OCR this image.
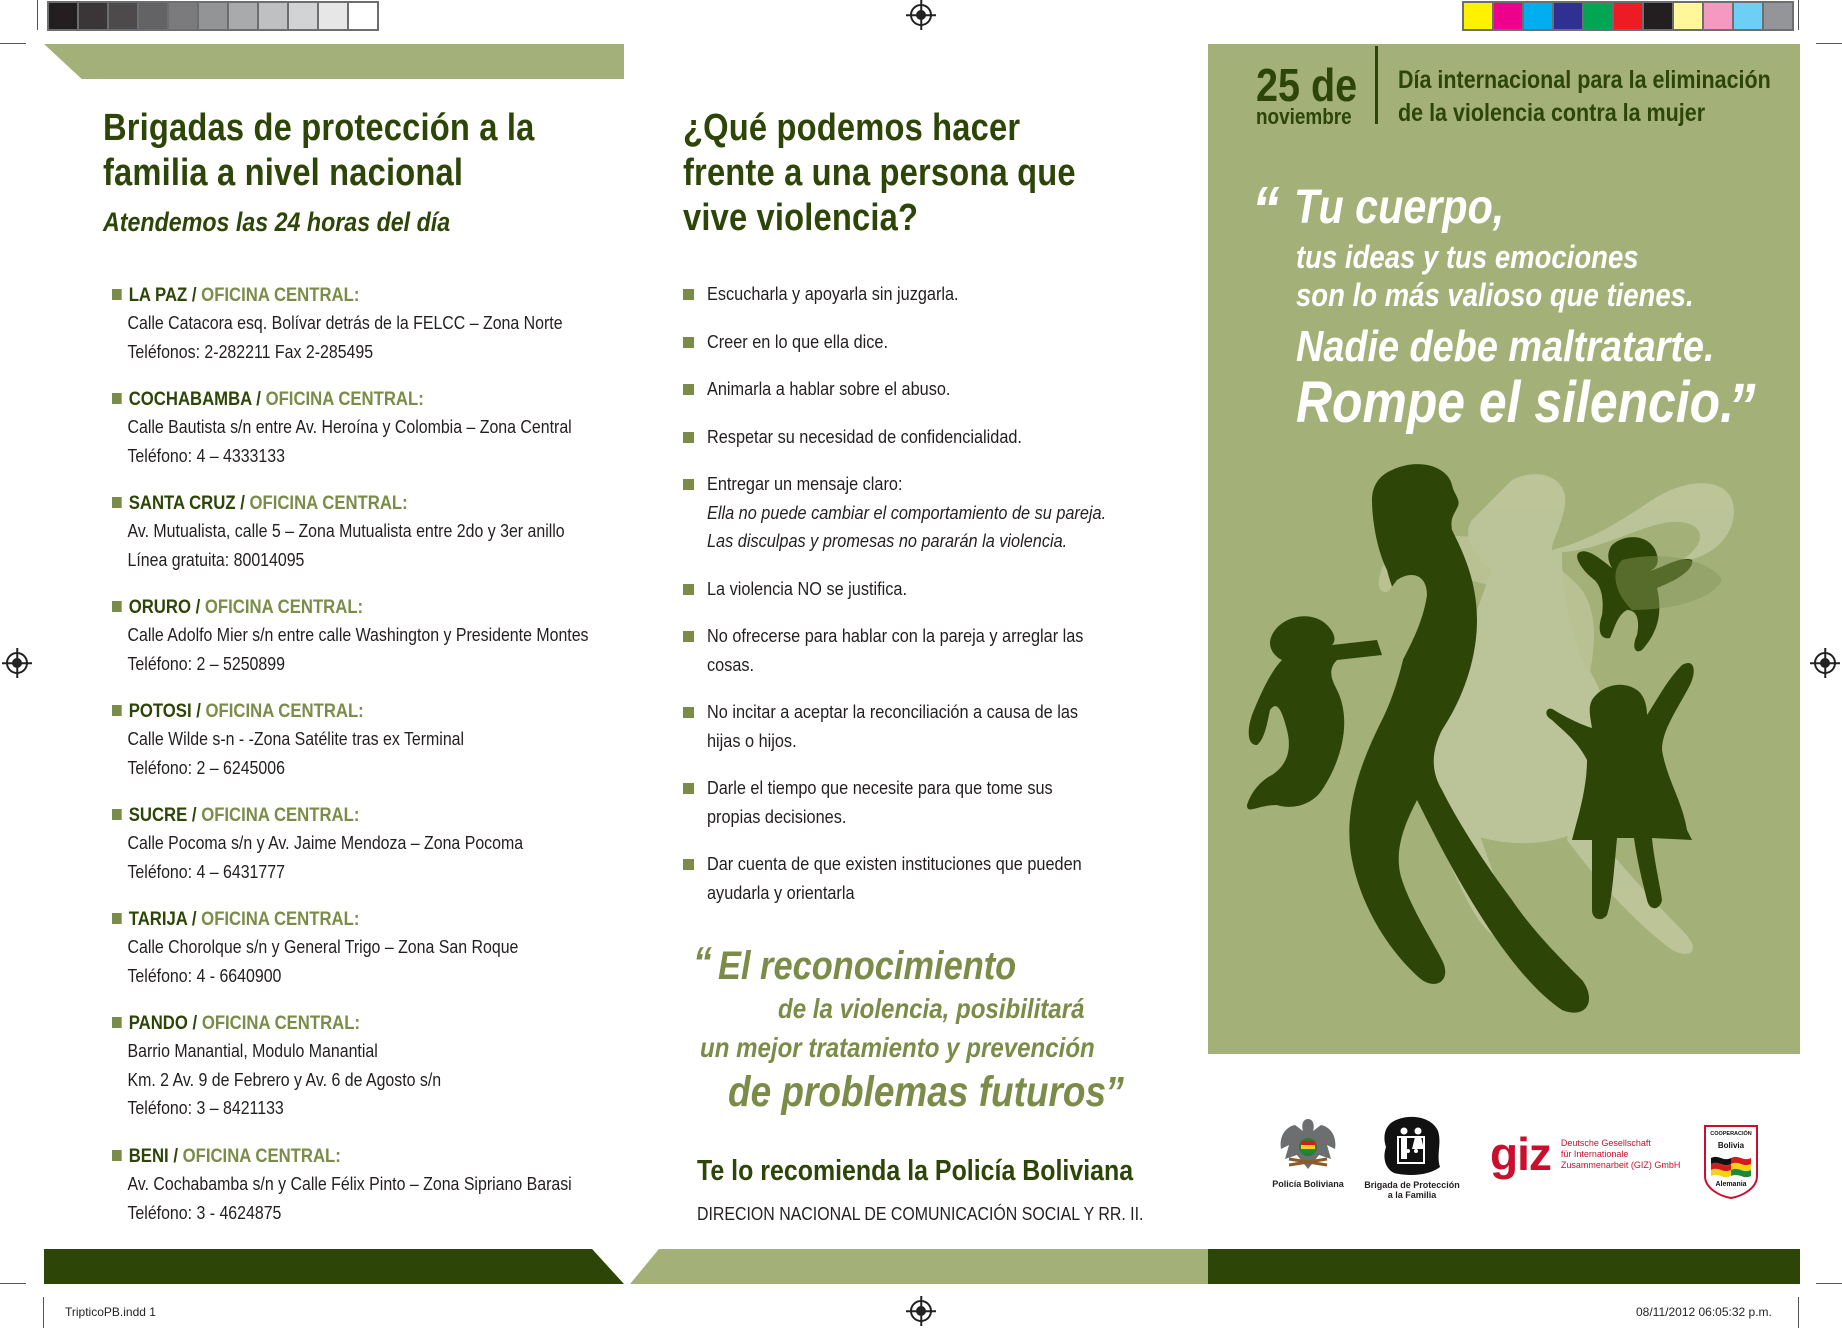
TripticoPB.indd 1	08/11/2012 06:05:32 p.m.
Brigadas de protección a la
familia a nivel nacional
Atendemos las 24 horas del día
LA PAZ / OFICINA CENTRAL:
Calle Catacora esq. Bolívar detrás de la FELCC – Zona Norte
Teléfonos: 2-282211 Fax 2-285495
COCHABAMBA / OFICINA CENTRAL:
Calle Bautista s/n entre Av. Heroína y Colombia – Zona Central
Teléfono: 4 – 4333133
SANTA CRUZ / OFICINA CENTRAL:
Av. Mutualista, calle 5 – Zona Mutualista entre 2do y 3er anillo
Línea gratuita: 80014095
ORURO / OFICINA CENTRAL:
Calle Adolfo Mier s/n entre calle Washington y Presidente Montes
Teléfono: 2 – 5250899
POTOSI / OFICINA CENTRAL:
Calle Wilde s-n - -Zona Satélite tras ex Terminal
Teléfono: 2 – 6245006
SUCRE / OFICINA CENTRAL:
Calle Pocoma s/n y Av. Jaime Mendoza – Zona Pocoma
Teléfono: 4 – 6431777
TARIJA / OFICINA CENTRAL:
Calle Chorolque s/n y General Trigo – Zona San Roque
Teléfono: 4 - 6640900
PANDO / OFICINA CENTRAL:
Barrio Manantial, Modulo Manantial
Km. 2 Av. 9 de Febrero y Av. 6 de Agosto s/n
Teléfono: 3 – 8421133
BENI / OFICINA CENTRAL:
Av. Cochabamba s/n y Calle Félix Pinto – Zona Sipriano Barasi
Teléfono: 3 - 4624875
¿Qué podemos hacer
frente a una persona que
vive violencia?
Escucharla y apoyarla sin juzgarla.
Creer en lo que ella dice.
Animarla a hablar sobre el abuso.
Respetar su necesidad de confidencialidad.
Entregar un mensaje claro:
Ella no puede cambiar el comportamiento de su pareja.
Las disculpas y promesas no pararán la violencia.
La violencia NO se justifica.
No ofrecerse para hablar con la pareja y arreglar las
cosas.
No incitar a aceptar la reconciliación a causa de las
hijas o hijos.
Darle el tiempo que necesite para que tome sus
propias decisiones.
Dar cuenta de que existen instituciones que pueden
ayudarla y orientarla
“ El reconocimiento
de la violencia, posibilitará
un mejor tratamiento y prevención
de problemas futuros
”
Te lo recomienda la Policía Boliviana
DIRECION NACIONAL DE COMUNICACIÓN SOCIAL Y RR. II.
25 de
noviembre
Día internacional para la eliminación
de la violencia contra la mujer
“ Tu cuerpo,
tus ideas y tus emociones
son lo más valioso que tienes.
Nadie debe maltratarte.
Rompe el silencio.
”
Policía Boliviana	Brigada de Protección
a la Familia
giz Deutsche Gesellschaft
für Internationale
Zusammenarbeit (GIZ) GmbH
COOPERACIÓN
Bolivia
Alemania
